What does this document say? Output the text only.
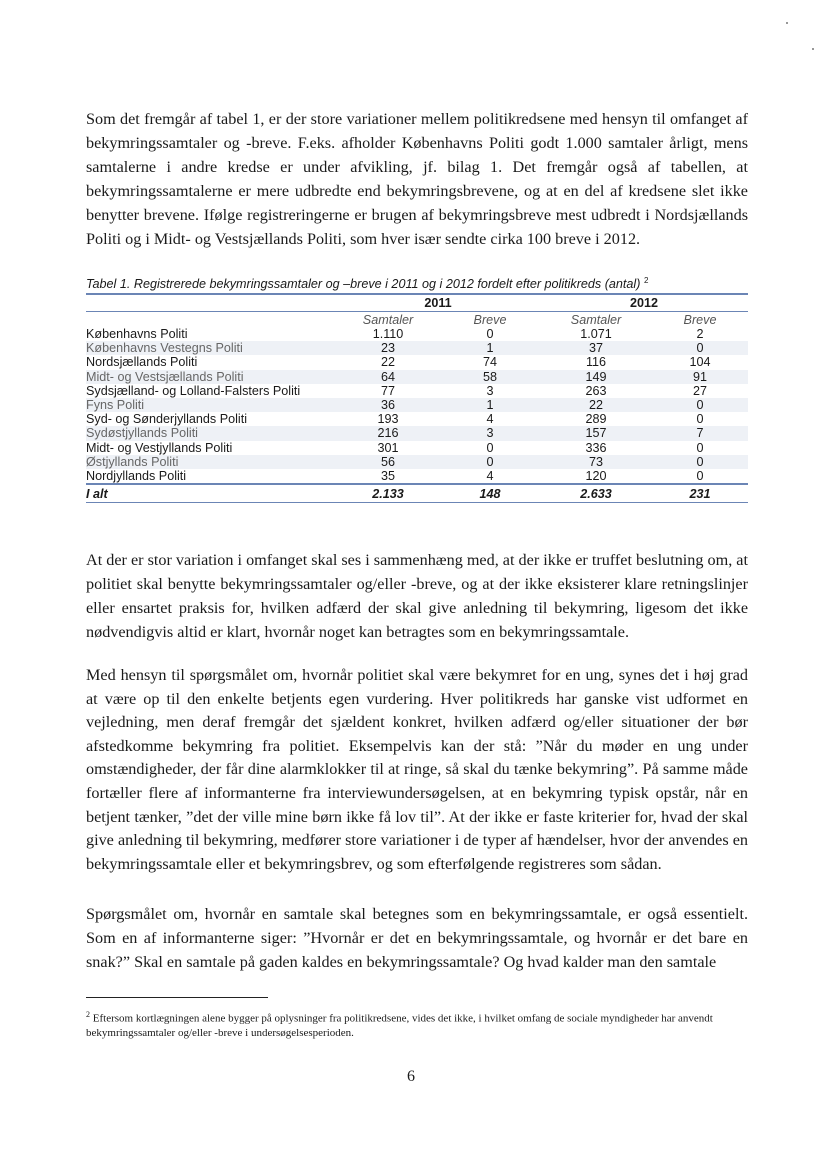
Som det fremgår af tabel 1, er der store variationer mellem politikredsene med hensyn til omfanget af bekymringssamtaler og -breve. F.eks. afholder Københavns Politi godt 1.000 samtaler årligt, mens samtalerne i andre kredse er under afvikling, jf. bilag 1. Det fremgår også af tabellen, at bekymringssamtalerne er mere udbredte end bekymringsbrevene, og at en del af kredsene slet ikke benytter brevene. Ifølge registreringerne er brugen af bekymringsbreve mest udbredt i Nordsjællands Politi og i Midt- og Vestsjællands Politi, som hver især sendte cirka 100 breve i 2012.

Tabel 1. Registrerede bekymringssamtaler og –breve i 2011 og i 2012 fordelt efter politikreds (antal) $^2$
	2011		2012	
	Samtaler	Breve	Samtaler	Breve
Københavns Politi	1.110	0	1.071	2
Københavns Vestegns Politi	23	1	37	0
Nordsjællands Politi	22	74	116	104
Midt- og Vestsjællands Politi	64	58	149	91
Sydsjælland- og Lolland-Falsters Politi	77	3	263	27
Fyns Politi	36	1	22	0
Syd- og Sønderjyllands Politi	193	4	289	0
Sydøstjyllands Politi	216	3	157	7
Midt- og Vestjyllands Politi	301	0	336	0
Østjyllands Politi	56	0	73	0
Nordjyllands Politi	35	4	120	0
I alt	2.133	148	2.633	231

At der er stor variation i omfanget skal ses i sammenhæng med, at der ikke er truffet beslutning om, at politiet skal benytte bekymringssamtaler og/eller -breve, og at der ikke eksisterer klare retningslinjer eller ensartet praksis for, hvilken adfærd der skal give anledning til bekymring, ligesom det ikke nødvendigvis altid er klart, hvornår noget kan betragtes som en bekymringssamtale.

Med hensyn til spørgsmålet om, hvornår politiet skal være bekymret for en ung, synes det i høj grad at være op til den enkelte betjents egen vurdering. Hver politikreds har ganske vist udformet en vejledning, men deraf fremgår det sjældent konkret, hvilken adfærd og/eller situationer der bør afstedkomme bekymring fra politiet. Eksempelvis kan der stå: ”Når du møder en ung under omstændigheder, der får dine alarmklokker til at ringe, så skal du tænke bekymring”. På samme måde fortæller flere af informanterne fra interviewundersøgelsen, at en bekymring typisk opstår, når en betjent tænker, ”det der ville mine børn ikke få lov til”. At der ikke er faste kriterier for, hvad der skal give anledning til bekymring, medfører store variationer i de typer af hændelser, hvor der anvendes en bekymringssamtale eller et bekymringsbrev, og som efterfølgende registreres som sådan.

Spørgsmålet om, hvornår en samtale skal betegnes som en bekymringssamtale, er også essentielt. Som en af informanterne siger: ”Hvornår er det en bekymringssamtale, og hvornår er det bare en snak?” Skal en samtale på gaden kaldes en bekymringssamtale? Og hvad kalder man den samtale

$^2$ Eftersom kortlægningen alene bygger på oplysninger fra politikredsene, vides det ikke, i hvilket omfang de sociale myndigheder har anvendt bekymringssamtaler og/eller -breve i undersøgelsesperioden.

6
